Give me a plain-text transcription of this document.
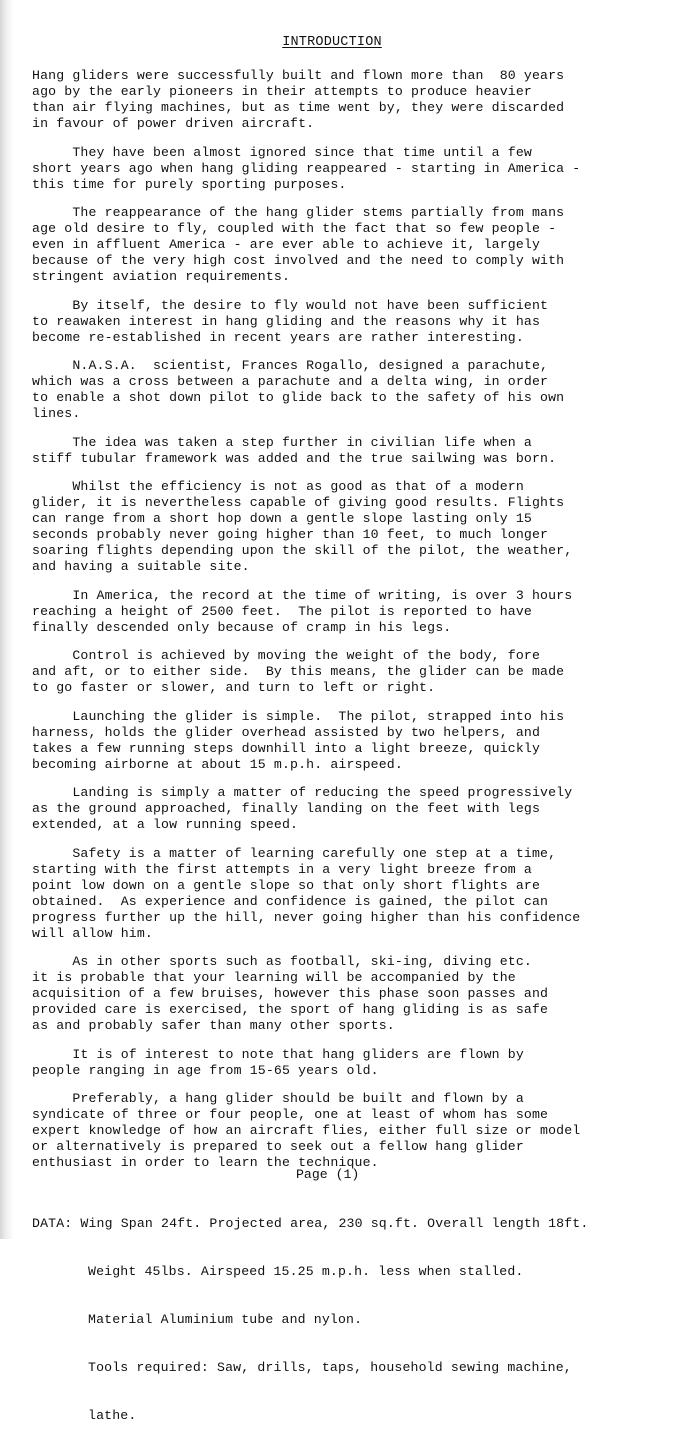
INTRODUCTION

Hang gliders were successfully built and flown more than  80 years
ago by the early pioneers in their attempts to produce heavier
than air flying machines, but as time went by, they were discarded
in favour of power driven aircraft.

They have been almost ignored since that time until a few
short years ago when hang gliding reappeared - starting in America -
this time for purely sporting purposes.

The reappearance of the hang glider stems partially from mans
age old desire to fly, coupled with the fact that so few people -
even in affluent America - are ever able to achieve it, largely
because of the very high cost involved and the need to comply with
stringent aviation requirements.

By itself, the desire to fly would not have been sufficient
to reawaken interest in hang gliding and the reasons why it has
become re-established in recent years are rather interesting.

N.A.S.A.  scientist, Frances Rogallo, designed a parachute,
which was a cross between a parachute and a delta wing, in order
to enable a shot down pilot to glide back to the safety of his own
lines.

The idea was taken a step further in civilian life when a
stiff tubular framework was added and the true sailwing was born.

Whilst the efficiency is not as good as that of a modern
glider, it is nevertheless capable of giving good results. Flights
can range from a short hop down a gentle slope lasting only 15
seconds probably never going higher than 10 feet, to much longer
soaring flights depending upon the skill of the pilot, the weather,
and having a suitable site.

In America, the record at the time of writing, is over 3 hours
reaching a height of 2500 feet.  The pilot is reported to have
finally descended only because of cramp in his legs.

Control is achieved by moving the weight of the body, fore
and aft, or to either side.  By this means, the glider can be made
to go faster or slower, and turn to left or right.

Launching the glider is simple.  The pilot, strapped into his
harness, holds the glider overhead assisted by two helpers, and
takes a few running steps downhill into a light breeze, quickly
becoming airborne at about 15 m.p.h. airspeed.

Landing is simply a matter of reducing the speed progressively
as the ground approached, finally landing on the feet with legs
extended, at a low running speed.

Safety is a matter of learning carefully one step at a time,
starting with the first attempts in a very light breeze from a
point low down on a gentle slope so that only short flights are
obtained.  As experience and confidence is gained, the pilot can
progress further up the hill, never going higher than his confidence
will allow him.

As in other sports such as football, ski-ing, diving etc.
it is probable that your learning will be accompanied by the
acquisition of a few bruises, however this phase soon passes and
provided care is exercised, the sport of hang gliding is as safe
as and probably safer than many other sports.

It is of interest to note that hang gliders are flown by
people ranging in age from 15-65 years old.

Preferably, a hang glider should be built and flown by a
syndicate of three or four people, one at least of whom has some
expert knowledge of how an aircraft flies, either full size or model
or alternatively is prepared to seek out a fellow hang glider
enthusiast in order to learn the technique.

DATA: Wing Span 24ft. Projected area, 230 sq.ft. Overall length 18ft.

Weight 45lbs. Airspeed 15.25 m.p.h. less when stalled.

Material Aluminium tube and nylon.

Tools required: Saw, drills, taps, household sewing machine,

lathe.

Page (1)
